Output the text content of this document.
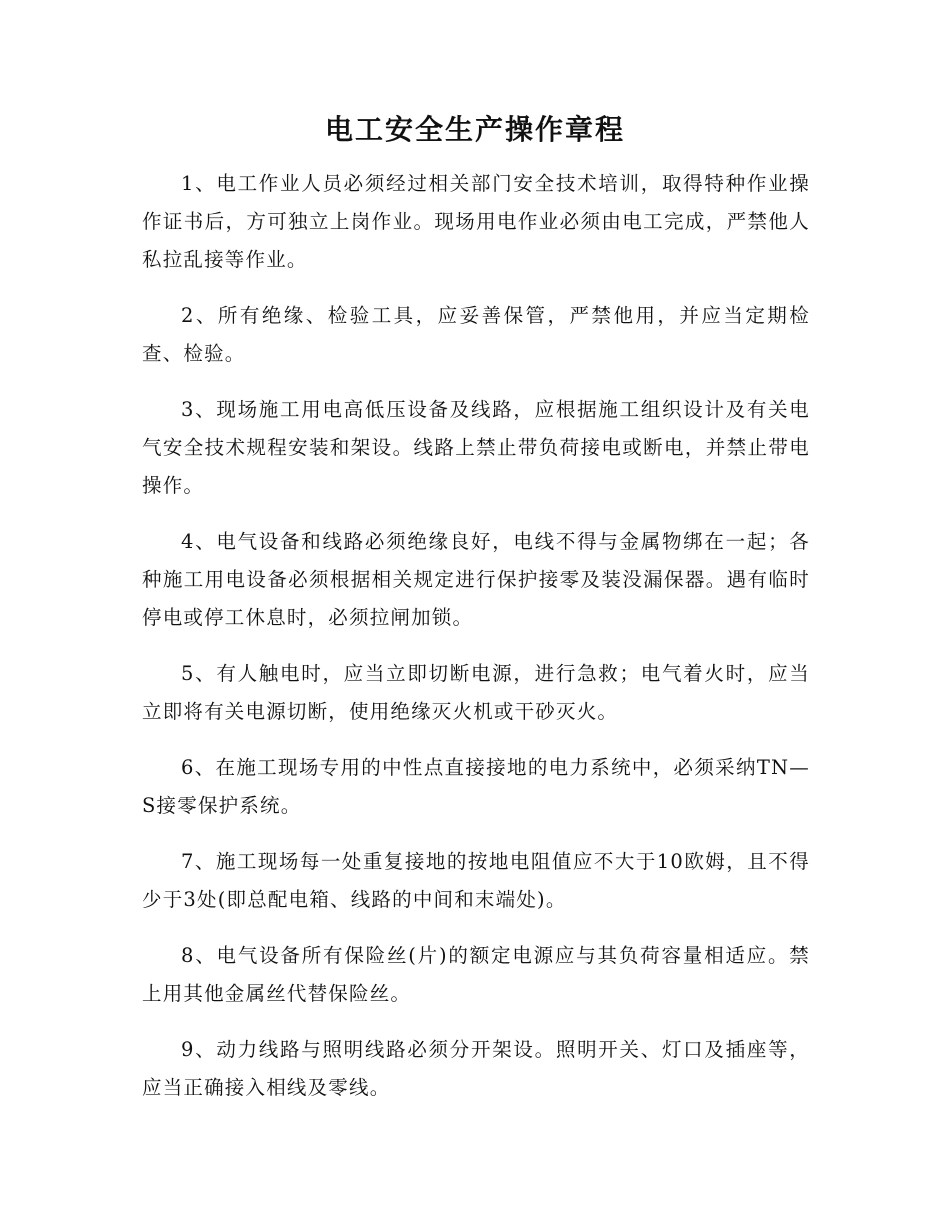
电工安全生产操作章程

1、电工作业人员必须经过相关部门安全技术培训，取得特种作业操作证书后，方可独立上岗作业。现场用电作业必须由电工完成，严禁他人私拉乱接等作业。

2、所有绝缘、检验工具，应妥善保管，严禁他用，并应当定期检查、检验。

3、现场施工用电高低压设备及线路，应根据施工组织设计及有关电气安全技术规程安装和架设。线路上禁止带负荷接电或断电，并禁止带电操作。

4、电气设备和线路必须绝缘良好，电线不得与金属物绑在一起；各种施工用电设备必须根据相关规定进行保护接零及装没漏保器。遇有临时停电或停工休息时，必须拉闸加锁。

5、有人触电时，应当立即切断电源，进行急救；电气着火时，应当立即将有关电源切断，使用绝缘灭火机或干砂灭火。

6、在施工现场专用的中性点直接接地的电力系统中，必须采纳TN—S接零保护系统。

7、施工现场每一处重复接地的按地电阻值应不大于10欧姆，且不得少于3处(即总配电箱、线路的中间和末端处)。

8、电气设备所有保险丝(片)的额定电源应与其负荷容量相适应。禁上用其他金属丝代替保险丝。

9、动力线路与照明线路必须分开架设。照明开关、灯口及插座等，应当正确接入相线及零线。
